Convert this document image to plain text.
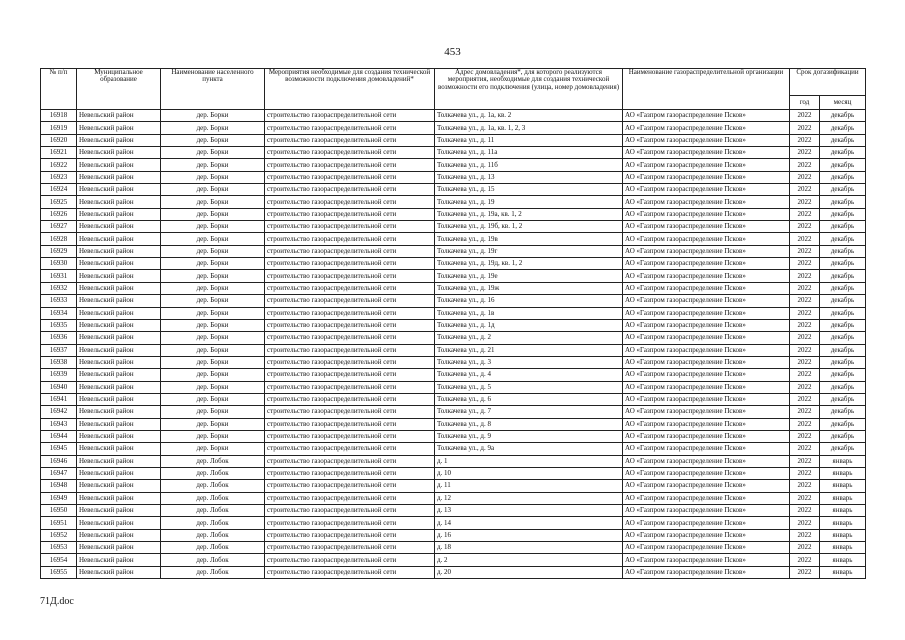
453
№ п/п	Муниципальное образование	Наименование населенного пункта	Мероприятия необходимые для создания технической возможности подключения домовладений*	Адрес домовладения*, для которого реализуются мероприятия, необходимые для создания технической возможности его подключения (улица, номер домовладения)	Наименование газораспределительной организации	Срок догазификации	
						год	месяц
16918	Невельский район	дер. Борки	строительство газораспределительной сети	Толкачева ул., д. 1а, кв. 2	АО «Газпром газораспределение Псков»	2022	декабрь
16919	Невельский район	дер. Борки	строительство газораспределительной сети	Толкачева ул., д. 1а, кв. 1, 2, 3	АО «Газпром газораспределение Псков»	2022	декабрь
16920	Невельский район	дер. Борки	строительство газораспределительной сети	Толкачева ул., д. 11	АО «Газпром газораспределение Псков»	2022	декабрь
16921	Невельский район	дер. Борки	строительство газораспределительной сети	Толкачева ул., д. 11а	АО «Газпром газораспределение Псков»	2022	декабрь
16922	Невельский район	дер. Борки	строительство газораспределительной сети	Толкачева ул., д. 11б	АО «Газпром газораспределение Псков»	2022	декабрь
16923	Невельский район	дер. Борки	строительство газораспределительной сети	Толкачева ул., д. 13	АО «Газпром газораспределение Псков»	2022	декабрь
16924	Невельский район	дер. Борки	строительство газораспределительной сети	Толкачева ул., д. 15	АО «Газпром газораспределение Псков»	2022	декабрь
16925	Невельский район	дер. Борки	строительство газораспределительной сети	Толкачева ул., д. 19	АО «Газпром газораспределение Псков»	2022	декабрь
16926	Невельский район	дер. Борки	строительство газораспределительной сети	Толкачева ул., д. 19а, кв. 1, 2	АО «Газпром газораспределение Псков»	2022	декабрь
16927	Невельский район	дер. Борки	строительство газораспределительной сети	Толкачева ул., д. 19б, кв. 1, 2	АО «Газпром газораспределение Псков»	2022	декабрь
16928	Невельский район	дер. Борки	строительство газораспределительной сети	Толкачева ул., д. 19в	АО «Газпром газораспределение Псков»	2022	декабрь
16929	Невельский район	дер. Борки	строительство газораспределительной сети	Толкачева ул., д. 19г	АО «Газпром газораспределение Псков»	2022	декабрь
16930	Невельский район	дер. Борки	строительство газораспределительной сети	Толкачева ул., д. 19д, кв. 1, 2	АО «Газпром газораспределение Псков»	2022	декабрь
16931	Невельский район	дер. Борки	строительство газораспределительной сети	Толкачева ул., д. 19е	АО «Газпром газораспределение Псков»	2022	декабрь
16932	Невельский район	дер. Борки	строительство газораспределительной сети	Толкачева ул., д. 19ж	АО «Газпром газораспределение Псков»	2022	декабрь
16933	Невельский район	дер. Борки	строительство газораспределительной сети	Толкачева ул., д. 16	АО «Газпром газораспределение Псков»	2022	декабрь
16934	Невельский район	дер. Борки	строительство газораспределительной сети	Толкачева ул., д. 1в	АО «Газпром газораспределение Псков»	2022	декабрь
16935	Невельский район	дер. Борки	строительство газораспределительной сети	Толкачева ул., д. 1д	АО «Газпром газораспределение Псков»	2022	декабрь
16936	Невельский район	дер. Борки	строительство газораспределительной сети	Толкачева ул., д. 2	АО «Газпром газораспределение Псков»	2022	декабрь
16937	Невельский район	дер. Борки	строительство газораспределительной сети	Толкачева ул., д. 21	АО «Газпром газораспределение Псков»	2022	декабрь
16938	Невельский район	дер. Борки	строительство газораспределительной сети	Толкачева ул., д. 3	АО «Газпром газораспределение Псков»	2022	декабрь
16939	Невельский район	дер. Борки	строительство газораспределительной сети	Толкачева ул., д. 4	АО «Газпром газораспределение Псков»	2022	декабрь
16940	Невельский район	дер. Борки	строительство газораспределительной сети	Толкачева ул., д. 5	АО «Газпром газораспределение Псков»	2022	декабрь
16941	Невельский район	дер. Борки	строительство газораспределительной сети	Толкачева ул., д. 6	АО «Газпром газораспределение Псков»	2022	декабрь
16942	Невельский район	дер. Борки	строительство газораспределительной сети	Толкачева ул., д. 7	АО «Газпром газораспределение Псков»	2022	декабрь
16943	Невельский район	дер. Борки	строительство газораспределительной сети	Толкачева ул., д. 8	АО «Газпром газораспределение Псков»	2022	декабрь
16944	Невельский район	дер. Борки	строительство газораспределительной сети	Толкачева ул., д. 9	АО «Газпром газораспределение Псков»	2022	декабрь
16945	Невельский район	дер. Борки	строительство газораспределительной сети	Толкачева ул., д. 9а	АО «Газпром газораспределение Псков»	2022	декабрь
16946	Невельский район	дер. Лобок	строительство газораспределительной сети	д. 1	АО «Газпром газораспределение Псков»	2022	январь
16947	Невельский район	дер. Лобок	строительство газораспределительной сети	д. 10	АО «Газпром газораспределение Псков»	2022	январь
16948	Невельский район	дер. Лобок	строительство газораспределительной сети	д. 11	АО «Газпром газораспределение Псков»	2022	январь
16949	Невельский район	дер. Лобок	строительство газораспределительной сети	д. 12	АО «Газпром газораспределение Псков»	2022	январь
16950	Невельский район	дер. Лобок	строительство газораспределительной сети	д. 13	АО «Газпром газораспределение Псков»	2022	январь
16951	Невельский район	дер. Лобок	строительство газораспределительной сети	д. 14	АО «Газпром газораспределение Псков»	2022	январь
16952	Невельский район	дер. Лобок	строительство газораспределительной сети	д. 16	АО «Газпром газораспределение Псков»	2022	январь
16953	Невельский район	дер. Лобок	строительство газораспределительной сети	д. 18	АО «Газпром газораспределение Псков»	2022	январь
16954	Невельский район	дер. Лобок	строительство газораспределительной сети	д. 2	АО «Газпром газораспределение Псков»	2022	январь
16955	Невельский район	дер. Лобок	строительство газораспределительной сети	д. 20	АО «Газпром газораспределение Псков»	2022	январь
71Д.doc
